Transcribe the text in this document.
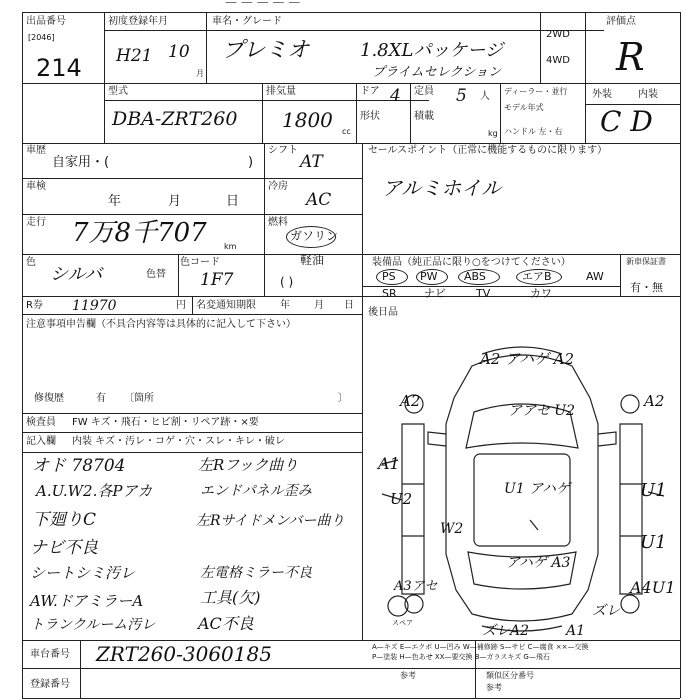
— — — — —
出品番号
[2046]
214
初度登録年月
H21 10
月
車名・グレード
プレミオ	1.8XLパッケージ
プライムセレクション
2WD
4WD
評価点
R
外装	内装
C D
型式
DBA-ZRT260
排気量
1800 cc
ドア 4 定員 5 人
形状	積載
kg
ディーラー・並行
モデル年式
ハンドル 左・右
車歴
自家用・(	)
シフト
AT
車検
年	月	日
冷房
AC
走行 7万8千707 km
燃料
ガソリン
軽油
( )
色
シルバ	色替
色コード
1F7
R券 11970	円 名変通知期限 年 月 日
セールスポイント（正常に機能するものに限ります）
アルミホイル
装備品（純正品に限り○をつけてください）	新車保証書
有・無
PS PW ABS	エアB	AW
SR ナビ	TV	カワ
後日品
注意事項申告欄（不具合内容等は具体的に記入して下さい）
修復歴	有 〔箇所	〕
検査員 FW キズ・飛石・ヒビ割・リペア跡・×要
記入欄 内装 キズ・汚レ・コゲ・穴・スレ・キレ・破レ
オド 78704
A.U.W2.各Pアカ
下廻りC
ナビ不良
シートシミ汚レ
AW.ドアミラーA
トランクルーム汚レ
左Rフック曲り
エンドパネル歪み
左Rサイドメンバー曲り
左電格ミラー不良
工具(欠)
AC不良
A2 アハゲ A2
A2	A2
アアセ U2
A1
U2	U1
U1 アハゲ
W2
U1
アハゲ A3
A3アセ	A4U1
ズレ
A1
ズレA2
スペア
車台番号 ZRT260-3060185
登録番号
A—キズ E—エクボ U—凹み W—補修跡 S—サビ C—腐食 ××—交換
P—塗装 H—色あせ XX—要交換 B—ガラスキズ G—飛石
参考	類似区分番号
参考
